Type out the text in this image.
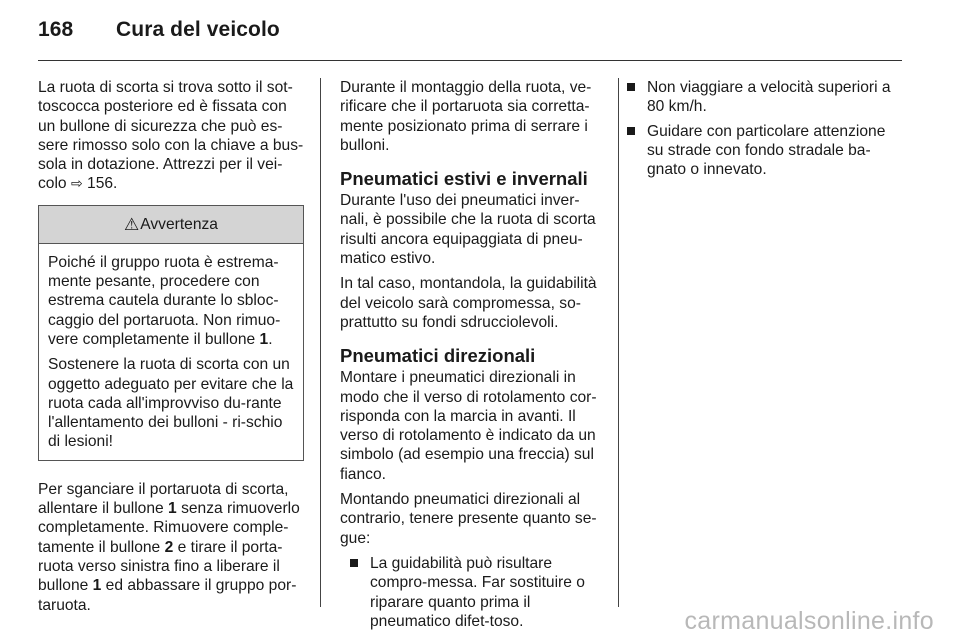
168 Cura del veicolo

La ruota di scorta si trova sotto il sot-toscocca posteriore ed è fissata con un bullone di sicurezza che può es-sere rimosso solo con la chiave a bus-sola in dotazione. Attrezzi per il vei-colo ⇨ 156.

⚠ Avvertenza

Poiché il gruppo ruota è estrema-mente pesante, procedere con estrema cautela durante lo sbloc-caggio del portaruota. Non rimuo-vere completamente il bullone 1.

Sostenere la ruota di scorta con un oggetto adeguato per evitare che la ruota cada all'improvviso du-rante l'allentamento dei bulloni - ri-schio di lesioni!

Per sganciare il portaruota di scorta, allentare il bullone 1 senza rimuoverlo completamente. Rimuovere comple-tamente il bullone 2 e tirare il porta-ruota verso sinistra fino a liberare il bullone 1 ed abbassare il gruppo por-taruota.

Durante il montaggio della ruota, ve-rificare che il portaruota sia corretta-mente posizionato prima di serrare i bulloni.

Pneumatici estivi e invernali

Durante l'uso dei pneumatici inver-nali, è possibile che la ruota di scorta risulti ancora equipaggiata di pneu-matico estivo.

In tal caso, montandola, la guidabilità del veicolo sarà compromessa, so-prattutto su fondi sdrucciolevoli.

Pneumatici direzionali

Montare i pneumatici direzionali in modo che il verso di rotolamento cor-risponda con la marcia in avanti. Il verso di rotolamento è indicato da un simbolo (ad esempio una freccia) sul fianco.

Montando pneumatici direzionali al contrario, tenere presente quanto se-gue:

La guidabilità può risultare compro-messa. Far sostituire o riparare quanto prima il pneumatico difet-toso.
Non viaggiare a velocità superiori a 80 km/h.
Guidare con particolare attenzione su strade con fondo stradale ba-gnato o innevato.
carmanualsonline.info
